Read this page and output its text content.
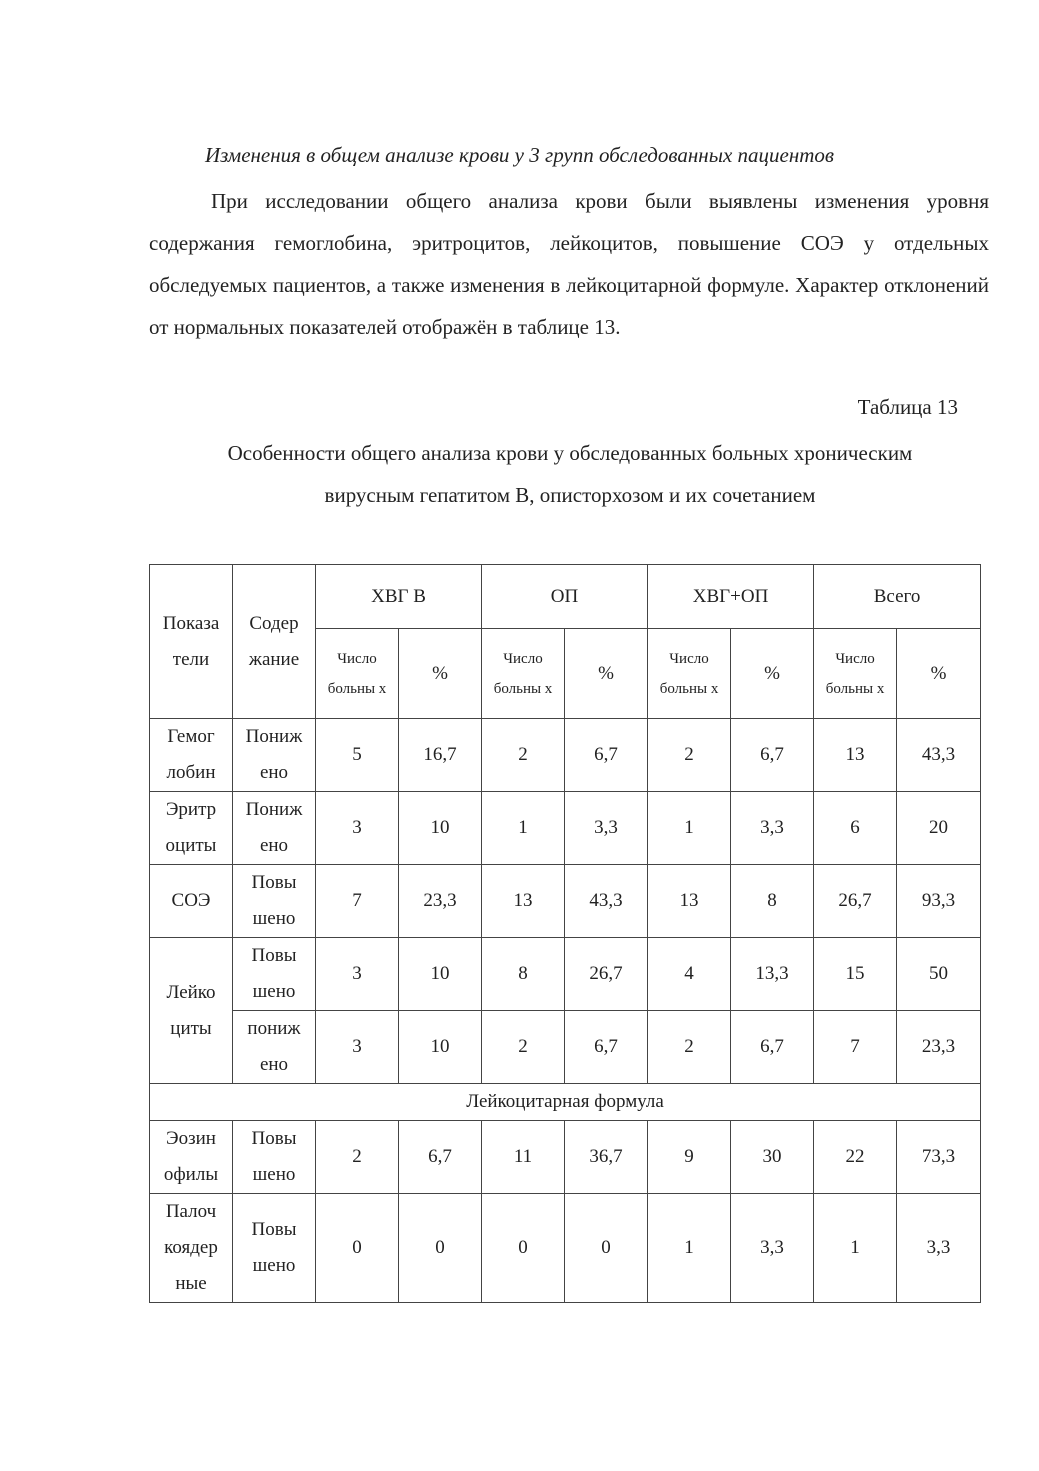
Изменения в общем анализе крови у 3 групп обследованных пациентов

При исследовании общего анализа крови были выявлены изменения уровня содержания гемоглобина, эритроцитов, лейкоцитов, повышение СОЭ у отдельных обследуемых пациентов, а также изменения в лейкоцитарной формуле. Характер отклонений от нормальных показателей отображён в таблице 13.

Таблица 13
Особенности общего анализа крови у обследованных больных хроническим
вирусным гепатитом В, описторхозом и их сочетанием
Показа тели	Содер жание	ХВГ В		ОП		ХВГ+ОП		Всего	
		Число больны х	%	Число больны х	%	Число больны х	%	Число больны х	%
Гемог лобин	Пониж ено	5	16,7	2	6,7	2	6,7	13	43,3
Эритр оциты	Пониж ено	3	10	1	3,3	1	3,3	6	20
СОЭ	Повы шено	7	23,3	13	43,3	13	8	26,7	93,3
Лейко циты	Повы шено	3	10	8	26,7	4	13,3	15	50
	пониж ено	3	10	2	6,7	2	6,7	7	23,3
Лейкоцитарная формула									
Эозин офилы	Повы шено	2	6,7	11	36,7	9	30	22	73,3
Палоч коядер ные	Повы шено	0	0	0	0	1	3,3	1	3,3
